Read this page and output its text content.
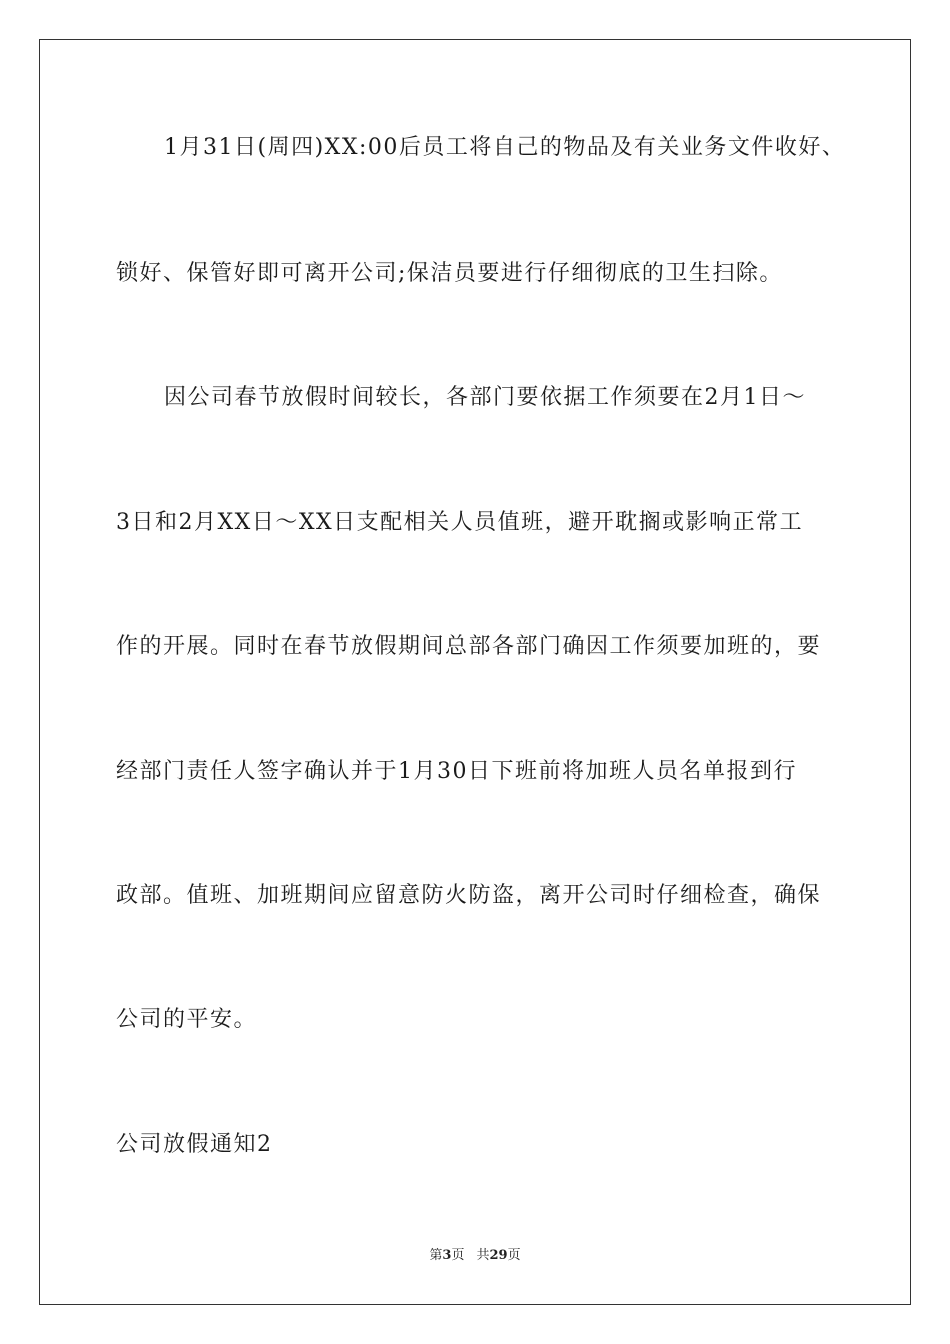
1月31日(周四)XX:00后员工将自己的物品及有关业务文件收好、
锁好、保管好即可离开公司;保洁员要进行仔细彻底的卫生扫除。
因公司春节放假时间较长，各部门要依据工作须要在2月1日～
3日和2月XX日～XX日支配相关人员值班，避开耽搁或影响正常工
作的开展。同时在春节放假期间总部各部门确因工作须要加班的，要
经部门责任人签字确认并于1月30日下班前将加班人员名单报到行
政部。值班、加班期间应留意防火防盗，离开公司时仔细检查，确保
公司的平安。
公司放假通知2
第3页 共29页
